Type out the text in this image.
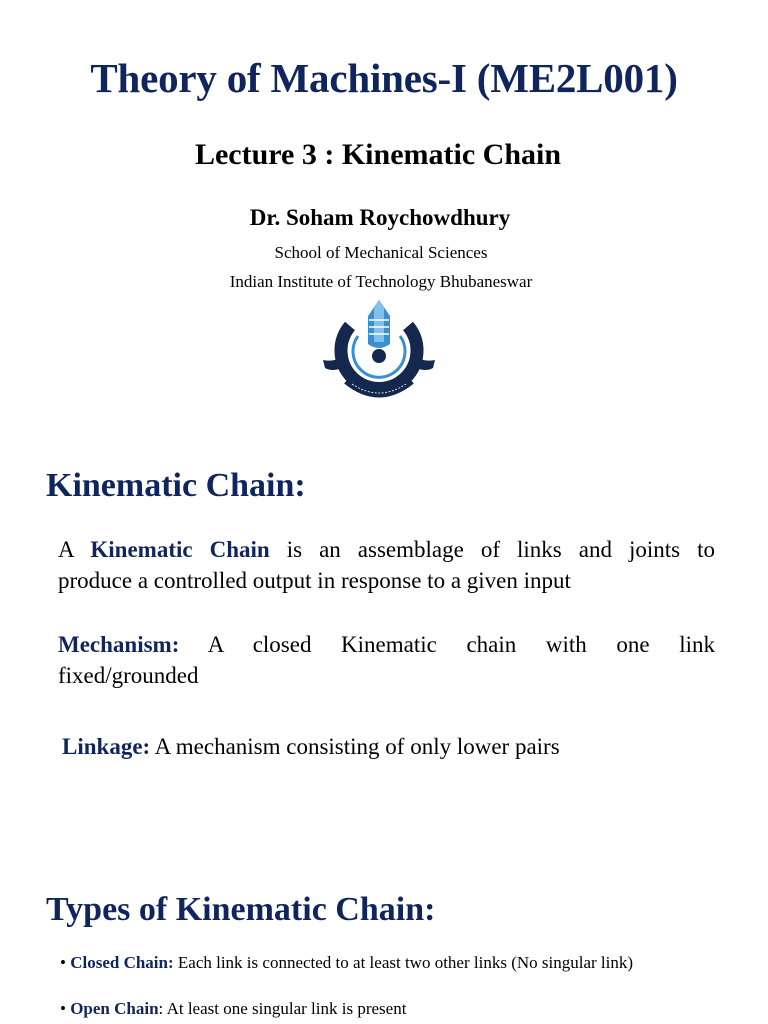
Theory of Machines-I (ME2L001)
Lecture 3 : Kinematic Chain
Dr. Soham Roychowdhury
School of Mechanical Sciences
Indian Institute of Technology Bhubaneswar
Kinematic Chain:
A Kinematic Chain is an assemblage of links and joints to
produce a controlled output in response to a given input
Mechanism: A closed Kinematic chain with one link
fixed/grounded
Linkage: A mechanism consisting of only lower pairs
Types of Kinematic Chain:
• Closed Chain: Each link is connected to at least two other links (No singular link)
• Open Chain: At least one singular link is present
